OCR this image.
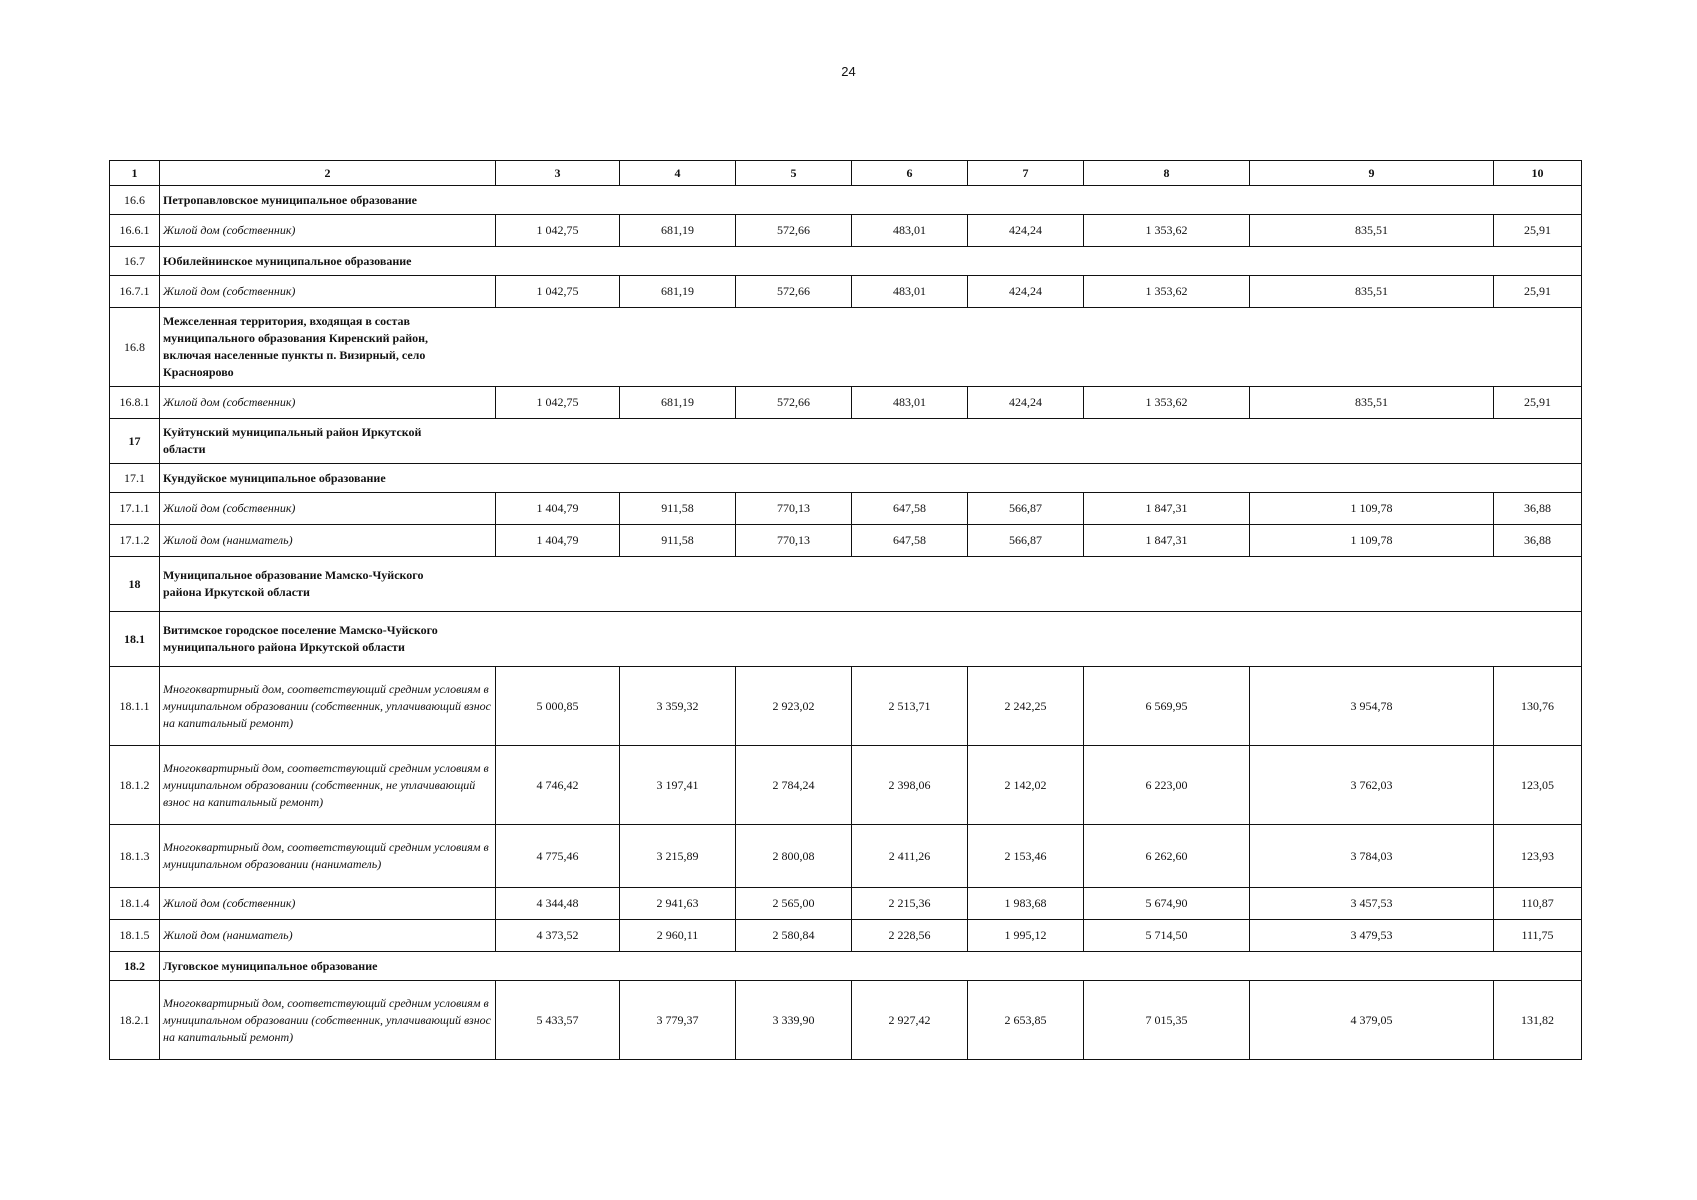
24
1	2	3	4	5	6	7	8	9	10
16.6	Петропавловское муниципальное образование								

16.6.1	Жилой дом (собственник)	1 042,75	681,19	572,66	483,01	424,24	1 353,62	835,51	25,91
16.7	Юбилейнинское муниципальное образование								

16.7.1	Жилой дом (собственник)	1 042,75	681,19	572,66	483,01	424,24	1 353,62	835,51	25,91
16.8	Межселенная территория, входящая в состав муниципального образования Киренский район, включая населенные пункты п. Визирный, село Красноярово								

16.8.1	Жилой дом (собственник)	1 042,75	681,19	572,66	483,01	424,24	1 353,62	835,51	25,91
17	Куйтунский муниципальный район Иркутской области								

17.1	Кундуйское муниципальное образование								

17.1.1	Жилой дом (собственник)	1 404,79	911,58	770,13	647,58	566,87	1 847,31	1 109,78	36,88
17.1.2	Жилой дом (наниматель)	1 404,79	911,58	770,13	647,58	566,87	1 847,31	1 109,78	36,88
18	Муниципальное образование Мамско-Чуйского района Иркутской области								

18.1	Витимское городское поселение Мамско-Чуйского муниципального района Иркутской области								

18.1.1	Многоквартирный дом, соответствующий средним условиям в муниципальном образовании (собственник, уплачивающий взнос на капитальный ремонт)	5 000,85	3 359,32	2 923,02	2 513,71	2 242,25	6 569,95	3 954,78	130,76
18.1.2	Многоквартирный дом, соответствующий средним условиям в муниципальном образовании (собственник, не уплачивающий взнос на капитальный ремонт)	4 746,42	3 197,41	2 784,24	2 398,06	2 142,02	6 223,00	3 762,03	123,05
18.1.3	Многоквартирный дом, соответствующий средним условиям в муниципальном образовании (наниматель)	4 775,46	3 215,89	2 800,08	2 411,26	2 153,46	6 262,60	3 784,03	123,93
18.1.4	Жилой дом (собственник)	4 344,48	2 941,63	2 565,00	2 215,36	1 983,68	5 674,90	3 457,53	110,87
18.1.5	Жилой дом (наниматель)	4 373,52	2 960,11	2 580,84	2 228,56	1 995,12	5 714,50	3 479,53	111,75
18.2	Луговское муниципальное образование								

18.2.1	Многоквартирный дом, соответствующий средним условиям в муниципальном образовании (собственник, уплачивающий взнос на капитальный ремонт)	5 433,57	3 779,37	3 339,90	2 927,42	2 653,85	7 015,35	4 379,05	131,82
